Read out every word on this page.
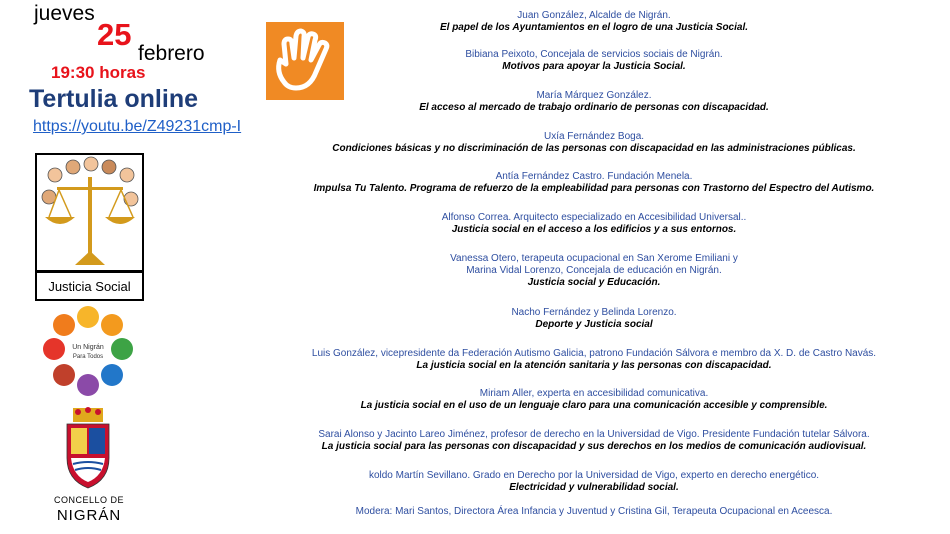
jueves
25
febrero
19:30 horas
Tertulia online
https://youtu.be/Z49231cmp-I
Justicia Social
Un Nigrán
Para Todos
CONCELLO DE
NIGRÁN
Juan González, Alcalde de Nigrán.
El papel de los Ayuntamientos en el logro de una Justicia Social.
Bibiana Peixoto, Concejala de servicios sociais de Nigrán.
Motivos para apoyar la Justicia Social.
María Márquez González.
El acceso al mercado de trabajo ordinario de personas con discapacidad.
Uxía Fernández Boga.
Condiciones básicas y no discriminación de las personas con discapacidad en las administraciones públicas.
Antía Fernández Castro. Fundación Menela.
Impulsa Tu Talento. Programa de refuerzo de la empleabilidad para personas con Trastorno del Espectro del Autismo.
Alfonso Correa. Arquitecto especializado en Accesibilidad Universal..
Justicia social en el acceso a los edificios y a sus entornos.
Vanessa Otero, terapeuta ocupacional en San Xerome Emiliani y
Marina Vidal Lorenzo, Concejala de educación en Nigrán.
Justicia social y Educación.
Nacho Fernández y Belinda Lorenzo.
Deporte y Justicia social
Luis González, vicepresidente da Federación Autismo Galicia, patrono Fundación Sálvora e membro da X. D. de Castro Navás.
La justicia social en la atención sanitaria y las personas con discapacidad.
Miriam Aller, experta en accesibilidad comunicativa.
La justicia social en el uso de un lenguaje claro para una comunicación accesible y comprensible.
Sarai Alonso y Jacinto Lareo Jiménez, profesor de derecho en la Universidad de Vigo. Presidente Fundación tutelar Sálvora.
La justicia social para las personas con discapacidad y sus derechos en los medios de comunicación audiovisual.
koldo Martín Sevillano. Grado en Derecho por la Universidad de Vigo, experto en derecho energético.
Electricidad y vulnerabilidad social.
Modera: Mari Santos, Directora Área Infancia y Juventud y Cristina Gil, Terapeuta Ocupacional en Aceesca.
